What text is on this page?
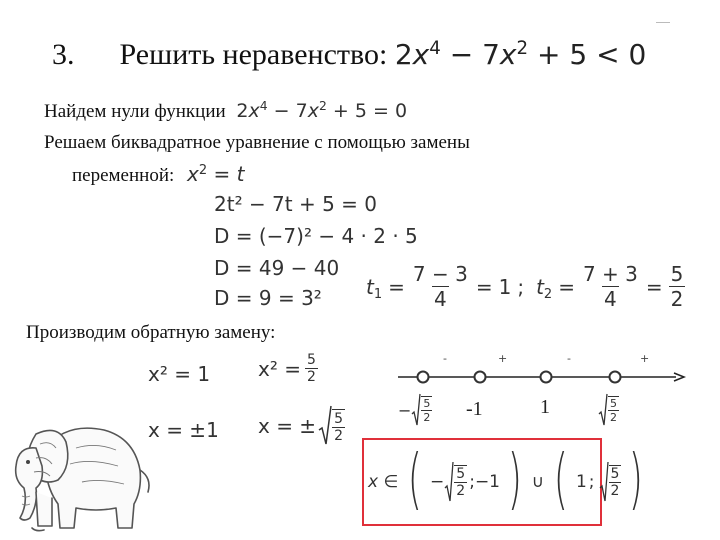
3. Решить неравенство: $2x^4 - 7x^2 + 5 < 0$
Найдем нули функции $2x^4 - 7x^2 + 5 = 0$
Решаем биквадратное уравнение с помощью замены
переменной: $x^2 = t$
2t² − 7t + 5 = 0
D = (−7)² − 4 · 2 · 5
D = 49 − 40
D = 9 = 3² $t_1 = \frac{7 - 3}{4} = 1$ ; $t_2 = \frac{7 + 3}{4} = \frac{5}{2}$
Производим обратную замену:
x² = 1
x = ±1
$x^2 = \frac{5}{2}$
x = ± $\frac{5}{2}$
-	+	-	+
− $\frac{5}{2} -1$	1	$\frac{5}{2}$
x ∈ ( − $\frac{5}{2}$ ; −1 ) ∪ ( 1 ; $\frac{5}{2}$ )
